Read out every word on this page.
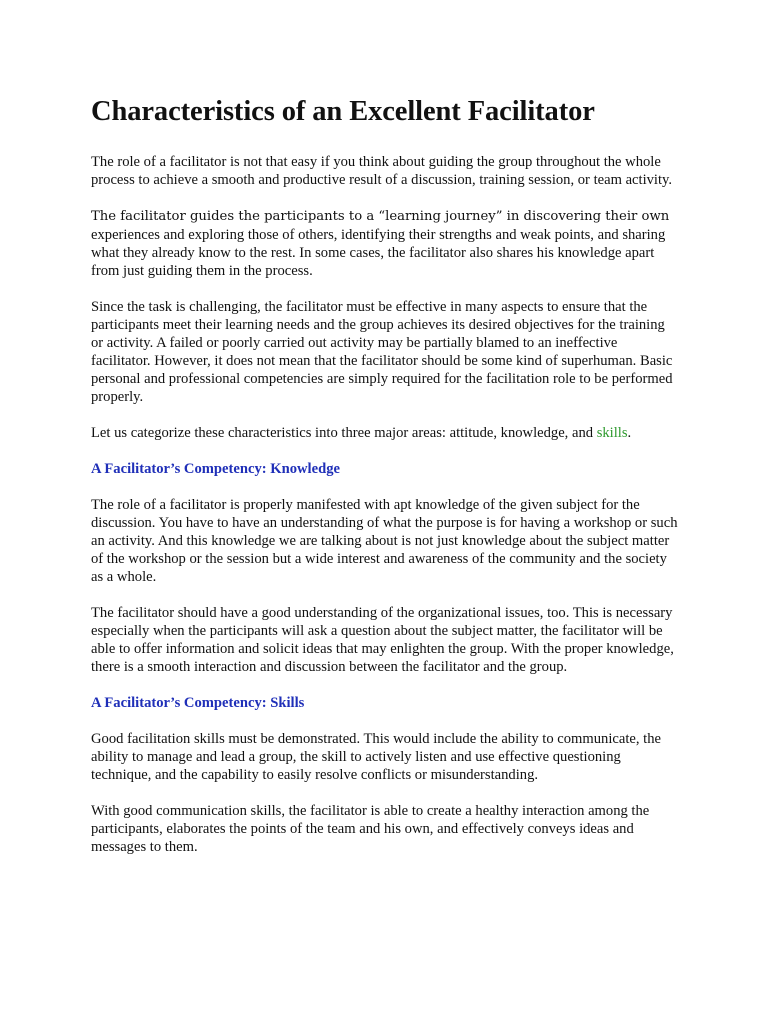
Characteristics of an Excellent Facilitator

The role of a facilitator is not that easy if you think about guiding the group throughout the whole process to achieve a smooth and productive result of a discussion, training session, or team activity.

The facilitator guides the participants to a “learning journey” in discovering their own experiences and exploring those of others, identifying their strengths and weak points, and sharing what they already know to the rest. In some cases, the facilitator also shares his knowledge apart from just guiding them in the process.

Since the task is challenging, the facilitator must be effective in many aspects to ensure that the participants meet their learning needs and the group achieves its desired objectives for the training or activity. A failed or poorly carried out activity may be partially blamed to an ineffective facilitator. However, it does not mean that the facilitator should be some kind of superhuman. Basic personal and professional competencies are simply required for the facilitation role to be performed properly.

Let us categorize these characteristics into three major areas: attitude, knowledge, and skills.

A Facilitator’s Competency: Knowledge

The role of a facilitator is properly manifested with apt knowledge of the given subject for the discussion. You have to have an understanding of what the purpose is for having a workshop or such an activity. And this knowledge we are talking about is not just knowledge about the subject matter of the workshop or the session but a wide interest and awareness of the community and the society as a whole.

The facilitator should have a good understanding of the organizational issues, too. This is necessary especially when the participants will ask a question about the subject matter, the facilitator will be able to offer information and solicit ideas that may enlighten the group. With the proper knowledge, there is a smooth interaction and discussion between the facilitator and the group.

A Facilitator’s Competency: Skills

Good facilitation skills must be demonstrated. This would include the ability to communicate, the ability to manage and lead a group, the skill to actively listen and use effective questioning technique, and the capability to easily resolve conflicts or misunderstanding.

With good communication skills, the facilitator is able to create a healthy interaction among the participants, elaborates the points of the team and his own, and effectively conveys ideas and messages to them.
